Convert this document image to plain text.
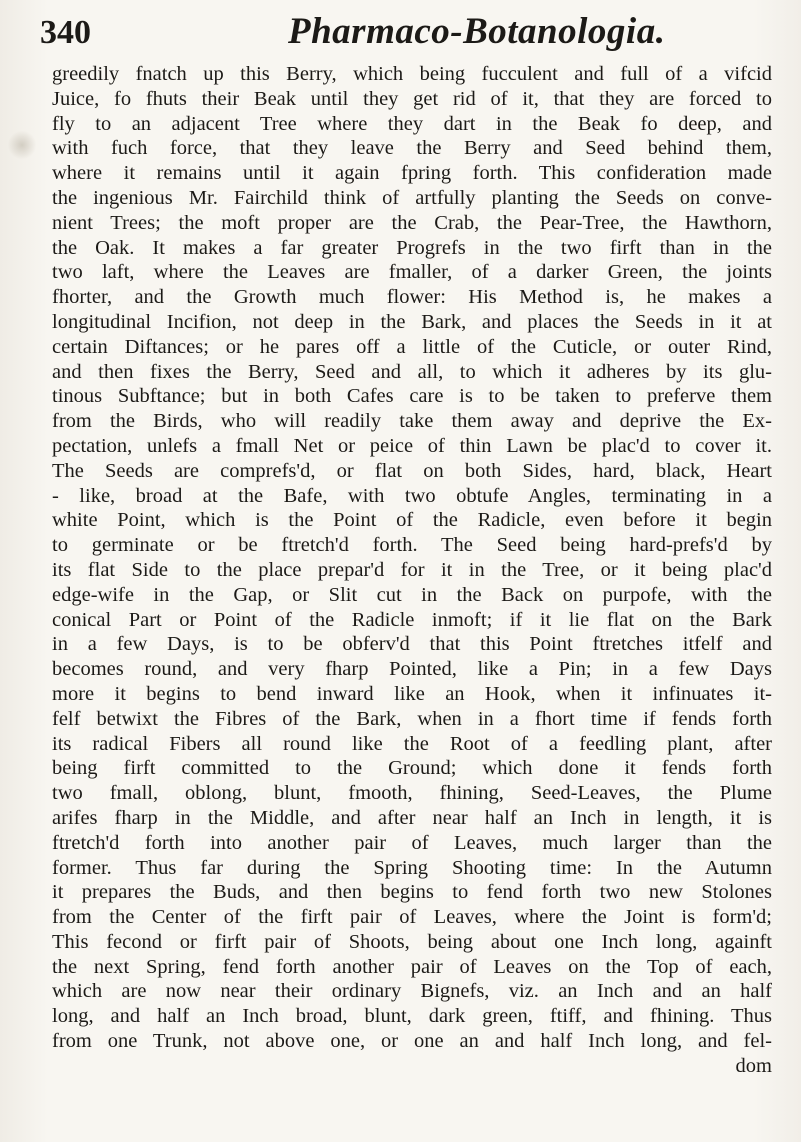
340	Pharmaco-Botanologia.
greedily fnatch up this Berry, which being fucculent and full of a vifcid
Juice, fo fhuts their Beak until they get rid of it, that they are forced to
fly to an adjacent Tree where they dart in the Beak fo deep, and
with fuch force, that they leave the Berry and Seed behind them,
where it remains until it again fpring forth. This confideration made
the ingenious Mr. Fairchild think of artfully planting the Seeds on conve-
nient Trees; the moft proper are the Crab, the Pear-Tree, the Hawthorn,
the Oak. It makes a far greater Progrefs in the two firft than in the
two laft, where the Leaves are fmaller, of a darker Green, the joints
fhorter, and the Growth much flower: His Method is, he makes a
longitudinal Incifion, not deep in the Bark, and places the Seeds in it at
certain Diftances; or he pares off a little of the Cuticle, or outer Rind,
and then fixes the Berry, Seed and all, to which it adheres by its glu-
tinous Subftance; but in both Cafes care is to be taken to preferve them
from the Birds, who will readily take them away and deprive the Ex-
pectation, unlefs a fmall Net or peice of thin Lawn be plac'd to cover it.
The Seeds are comprefs'd, or flat on both Sides, hard, black, Heart
- like, broad at the Bafe, with two obtufe Angles, terminating in a
white Point, which is the Point of the Radicle, even before it begin
to germinate or be ftretch'd forth. The Seed being hard-prefs'd by
its flat Side to the place prepar'd for it in the Tree, or it being plac'd
edge-wife in the Gap, or Slit cut in the Back on purpofe, with the
conical Part or Point of the Radicle inmoft; if it lie flat on the Bark
in a few Days, is to be obferv'd that this Point ftretches itfelf and
becomes round, and very fharp Pointed, like a Pin; in a few Days
more it begins to bend inward like an Hook, when it infinuates it-
felf betwixt the Fibres of the Bark, when in a fhort time if fends forth
its radical Fibers all round like the Root of a feedling plant, after
being firft committed to the Ground; which done it fends forth
two fmall, oblong, blunt, fmooth, fhining, Seed-Leaves, the Plume
arifes fharp in the Middle, and after near half an Inch in length, it is
ftretch'd forth into another pair of Leaves, much larger than the
former. Thus far during the Spring Shooting time: In the Autumn
it prepares the Buds, and then begins to fend forth two new Stolones
from the Center of the firft pair of Leaves, where the Joint is form'd;
This fecond or firft pair of Shoots, being about one Inch long, againft
the next Spring, fend forth another pair of Leaves on the Top of each,
which are now near their ordinary Bignefs, viz. an Inch and an half
long, and half an Inch broad, blunt, dark green, ftiff, and fhining. Thus
from one Trunk, not above one, or one an and half Inch long, and fel-
dom
